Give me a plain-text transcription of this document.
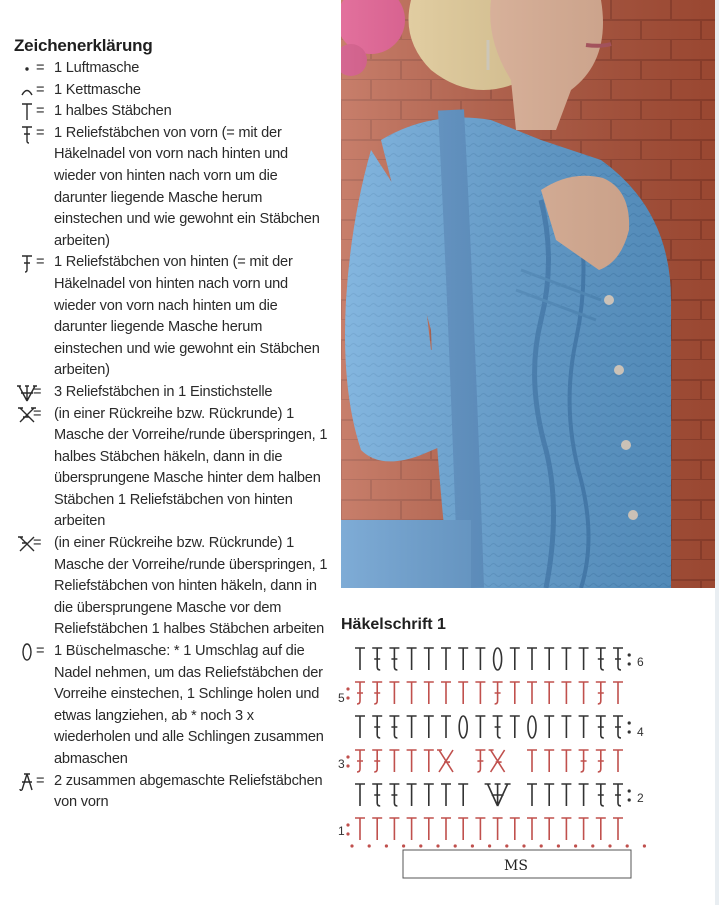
Zeichenerklärung
= 1 Luftmasche
= 1 Kettmasche
= 1 halbes Stäbchen
= 1 Reliefstäbchen von vorn (= mit der Häkelnadel von vorn nach hinten und wieder von hinten nach vorn um die darunter liegende Masche herum einstechen und wie gewohnt ein Stäbchen arbeiten)
= 1 Reliefstäbchen von hinten (= mit der Häkelnadel von hinten nach vorn und wieder von vorn nach hinten um die darunter liegende Masche herum einstechen und wie gewohnt ein Stäbchen arbeiten)
= 3 Reliefstäbchen in 1 Einstichstelle
= (in einer Rückreihe bzw. Rückrunde) 1 Masche der Vorreihe/runde überspringen, 1 halbes Stäbchen häkeln, dann in die übersprungene Masche hinter dem halben Stäbchen 1 Reliefstäbchen von hinten arbeiten
= (in einer Rückreihe bzw. Rückrunde) 1 Masche der Vorreihe/runde überspringen, 1 Reliefstäbchen von hinten häkeln, dann in die übersprungene Masche vor dem Reliefstäbchen 1 halbes Stäbchen arbeiten
= 1 Büschelmasche: * 1 Umschlag auf die Nadel nehmen, um das Reliefstäbchen der Vorreihe einstechen, 1 Schlinge holen und etwas langziehen, ab * noch 3 x wiederholen und alle Schlingen zusammen abmaschen
= 2 zusammen abgemaschte Reliefstäbchen von vorn
Häkelschrift 1
6
5
4
3
2
1
MS
